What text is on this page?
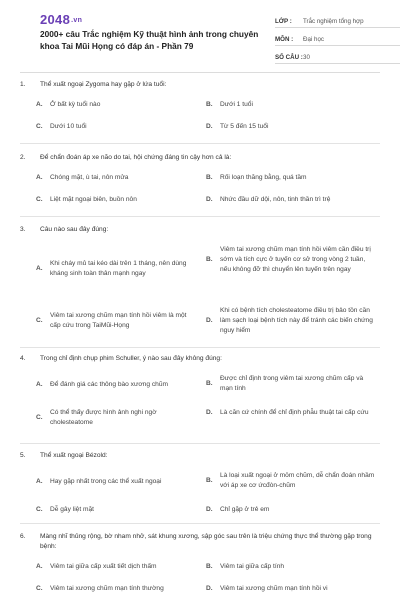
2048.vn
2000+ câu Trắc nghiệm Kỹ thuật hình ảnh trong chuyên khoa Tai Mũi Họng có đáp án - Phần 79
LỚP :	Trắc nghiệm tổng hợp
MÔN :	Đại học
SỐ CÂU : 30
1. Thể xuất ngoại Zygoma hay gặp ở lứa tuổi:
A.	Ở bất kỳ tuổi nào	B.	Dưới 1 tuổi
C.	Dưới 10 tuổi	D.	Từ 5 đến 15 tuổi
2. Để chẩn đoán áp xe não do tai, hội chứng đáng tin cậy hơn cả là:
A.	Chóng mặt, ù tai, nôn mửa	B.	Rối loạn thăng bằng, quá tầm
C.	Liệt mặt ngoại biên, buồn nôn	D.	Nhức đầu dữ dội, nôn, tinh thần trì trệ
3. Câu nào sau đây đúng:
A.
Khi cháy mủ tai kéo dài trên 1 tháng, nên dùng kháng sinh toàn thân mạnh ngay
B.
Viêm tai xương chũm mạn tính hồi viêm cần điều trị sớm và tích cực ở tuyến cơ sở trong vòng 2 tuần, nếu không đỡ thì chuyển lên tuyến trên ngay
C.
Viêm tai xương chũm mạn tính hồi viêm là một cấp cứu trong TaiMũi-Họng
D.
Khi có bệnh tích cholesteatome điều trị bảo tồn cần làm sạch loại bệnh tích này để tránh các biến chứng nguy hiểm
4. Trong chỉ định chụp phim Schuller, ý nào sau đây không đúng:
A.	Để đánh giá các thông bào xương chũm	B.
Được chỉ định trong viêm tai xương chũm cấp và mạn tính
C.
Có thể thấy được hình ảnh nghi ngờ cholesteatome
D.	Là căn cứ chính để chỉ định phẫu thuật tai cấp cứu
5. Thể xuất ngoại Bézold:
A.	Hay gặp nhất trong các thể xuất ngoại	B.
Là loại xuất ngoại ở mỏm chũm, dễ chẩn đoán nhầm với áp xe cơ ứcđòn-chũm
C.	Dễ gây liệt mặt	D.	Chỉ gặp ở trẻ em
6. Màng nhĩ thủng rộng, bờ nham nhở, sát khung xương, sập góc sau trên là triệu chứng thực thể thường gặp trong bệnh:
A.	Viêm tai giữa cấp xuất tiết dịch thấm	B.	Viêm tai giữa cấp tính
C.	Viêm tai xương chũm mạn tính thường	D.	Viêm tai xương chũm mạn tính hồi vi
